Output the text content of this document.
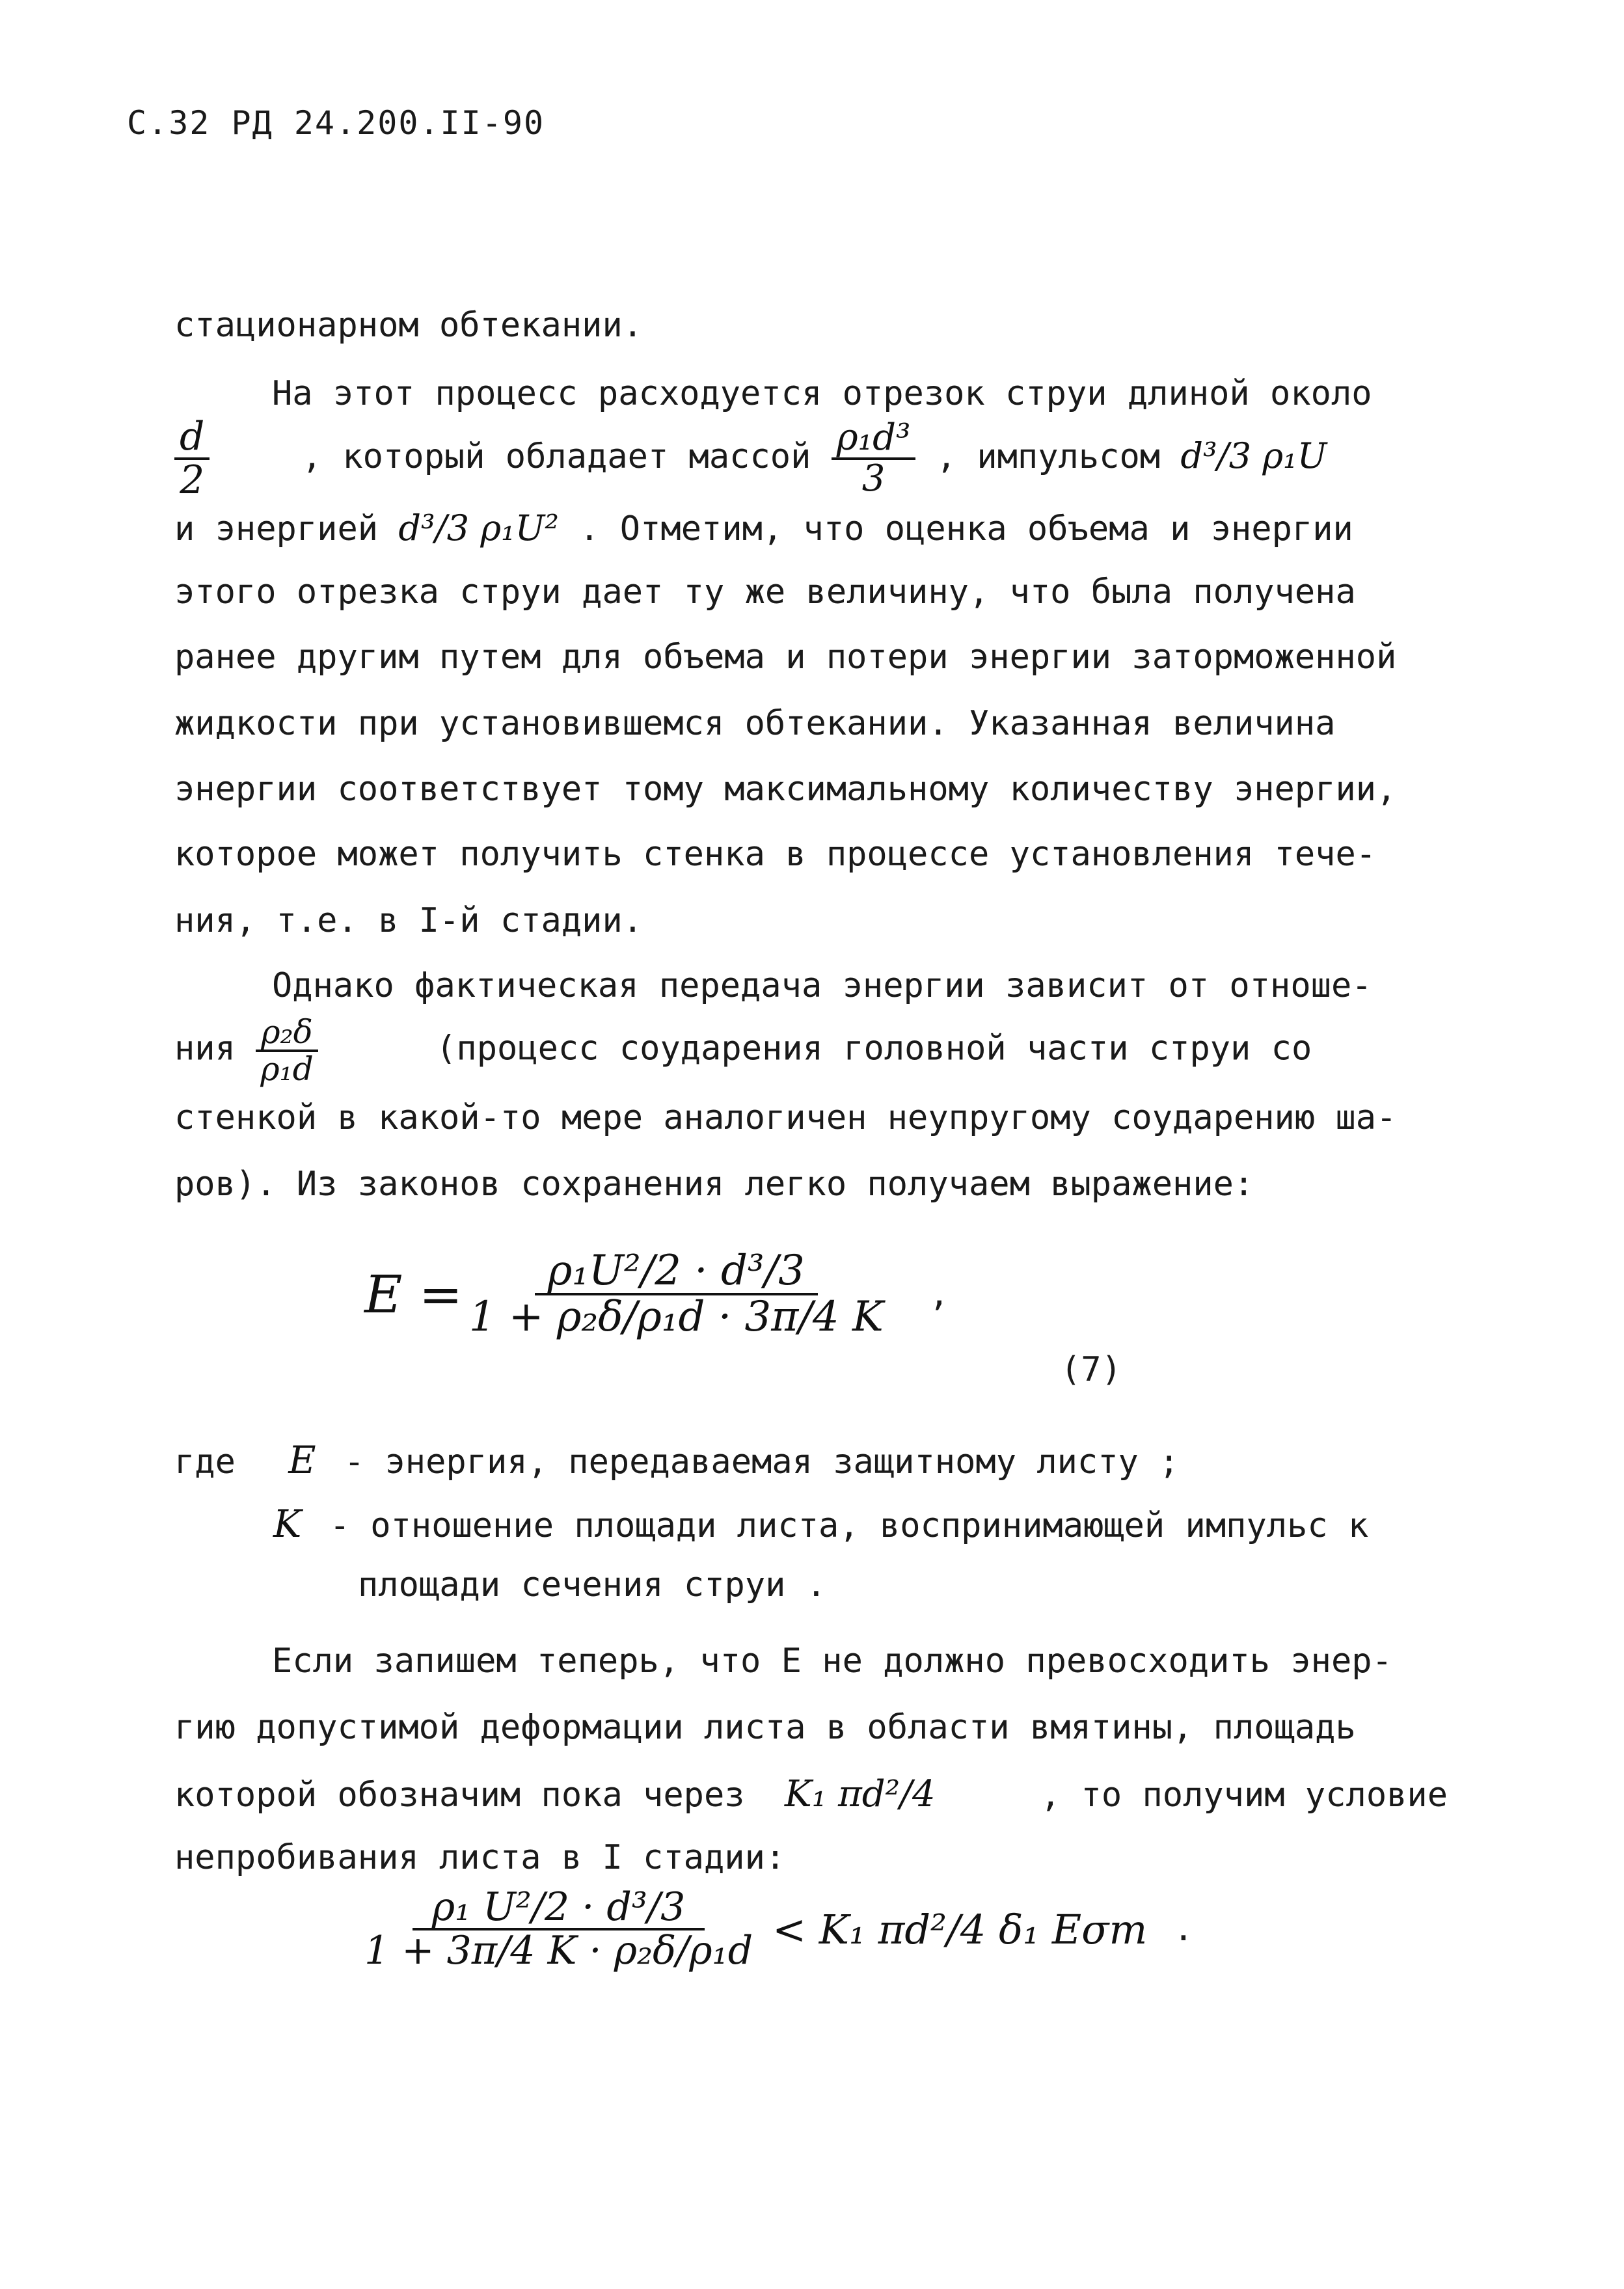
С.32 РД 24.200.II-90
стационарном обтекании.
На этот процесс расходуется отрезок струи длиной около
$\frac{d}{2}$	, который обладает массой $\frac{\text{ρ₁d³}}{3}$ , импульсом d³/3 ρ₁U
и энергией d³/3 ρ₁U² . Отметим, что оценка объема и энергии
этого отрезка струи дает ту же величину, что была получена
ранее другим путем для объема и потери энергии заторможенной
жидкости при установившемся обтекании. Указанная величина
энергии соответствует тому максимальному количеству энергии,
которое может получить стенка в процессе установления тече-
ния, т.е. в I-й стадии.
Однако фактическая передача энергии зависит от отноше-
ния $\frac{\text{ρ₂δ}}{\text{ρ₁d}}$	(процесс соударения головной части струи со
стенкой в какой-то мере аналогичен неупругому соударению ша-
ров). Из законов сохранения легко получаем выражение:
$E = \frac{\text{ρ₁U²/2 · d³/3}}{\text{1 + ρ₂δ/ρ₁d · 3π/4 K}}$ ,
(7)
где E - энергия, передаваемая защитному листу ;
K - отношение площади листа, воспринимающей импульс к
площади сечения струи .
Если запишем теперь, что Е не должно превосходить энер-
гию допустимой деформации листа в области вмятины, площадь
которой обозначим пока через K₁ πd²/4	, то получим условие
непробивания листа в I стадии:
$\frac{\text{ρ₁ U²/2 · d³/3}}{\text{1 + 3π/4 K · ρ₂δ/ρ₁d}} < K_1$ πd²/4 δ₁ Eσт .
